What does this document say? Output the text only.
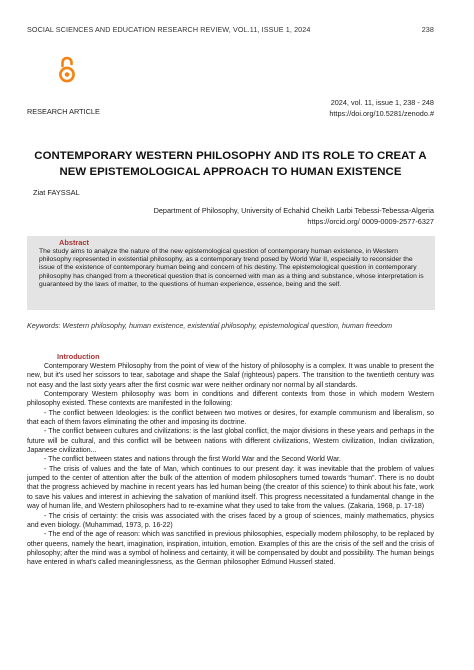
SOCIAL SCIENCES AND EDUCATION RESEARCH REVIEW, VOL.11, ISSUE 1, 2024	238
RESEARCH ARTICLE
2024, vol. 11, issue 1, 238 - 248
https://doi.org/10.5281/zenodo.#
CONTEMPORARY WESTERN PHILOSOPHY AND ITS ROLE TO CREAT A NEW EPISTEMOLOGICAL APPROACH TO HUMAN EXISTENCE
Ziat FAYSSAL
Department of Philosophy, University of Echahid Cheikh Larbi Tebessi-Tebessa-Algeria
https://orcid.org/ 0009-0009-2577-6327
Abstract
The study aims to analyze the nature of the new epistemological question of contemporary human existence, in Western philosophy represented in existential philosophy, as a contemporary trend posed by World War II, especially to reconsider the issue of the existence of contemporary human being and concern of his destiny. The epistemological question in contemporary philosophy has changed from a theoretical question that is concerned with man as a thing and substance, whose interpretation is guaranteed by the laws of matter, to the questions of human experience, essence, being and the self.
Keywords: Western philosophy, human existence, existential philosophy, epistemological question, human freedom
Introduction

Contemporary Western Philosophy from the point of view of the history of philosophy is a complex. It was unable to present the new, but it's used her scissors to tear, sabotage and shape the Salaf (righteous) papers. The transition to the twentieth century was not easy and the last sixty years after the first cosmic war were neither ordinary nor normal by all standards.

Contemporary Western philosophy was born in conditions and different contexts from those in which modern Western philosophy existed. These contexts are manifested in the following:

- The conflict between Ideologies: is the conflict between two motives or desires, for example communism and liberalism, so that each of them favors eliminating the other and imposing its doctrine.

- The conflict between cultures and civilizations: is the last global conflict, the major divisions in these years and perhaps in the future will be cultural, and this conflict will be between nations with different civilizations, Western civilization, Indian civilization, Japanese civilization...

- The conflict between states and nations through the first World War and the Second World War.

- The crisis of values and the fate of Man, which continues to our present day: it was inevitable that the problem of values jumped to the center of attention after the bulk of the attention of modern philosophers turned towards “human”. There is no doubt that the progress achieved by machine in recent years has led human being (the creator of this science) to think about his fate, work to save his values and interest in achieving the salvation of mankind itself. This progress necessitated a fundamental change in the way of human life, and Western philosophers had to re-examine what they used to take from the values. (Zakaria, 1968, p. 17-18)

- The crisis of certainty: the crisis was associated with the crises faced by a group of sciences, mainly mathematics, physics and even biology. (Muhammad, 1973, p. 16-22)

- The end of the age of reason: which was sanctified in previous philosophies, especially modern philosophy, to be replaced by other queens, namely the heart, imagination, inspiration, intuition, emotion. Examples of this are the crisis of the self and the crisis of philosophy; after the mind was a symbol of holiness and certainty, it will be compensated by doubt and possibility. The human beings have entered in what's called meaninglessness, as the German philosopher Edmund Husserl stated.
